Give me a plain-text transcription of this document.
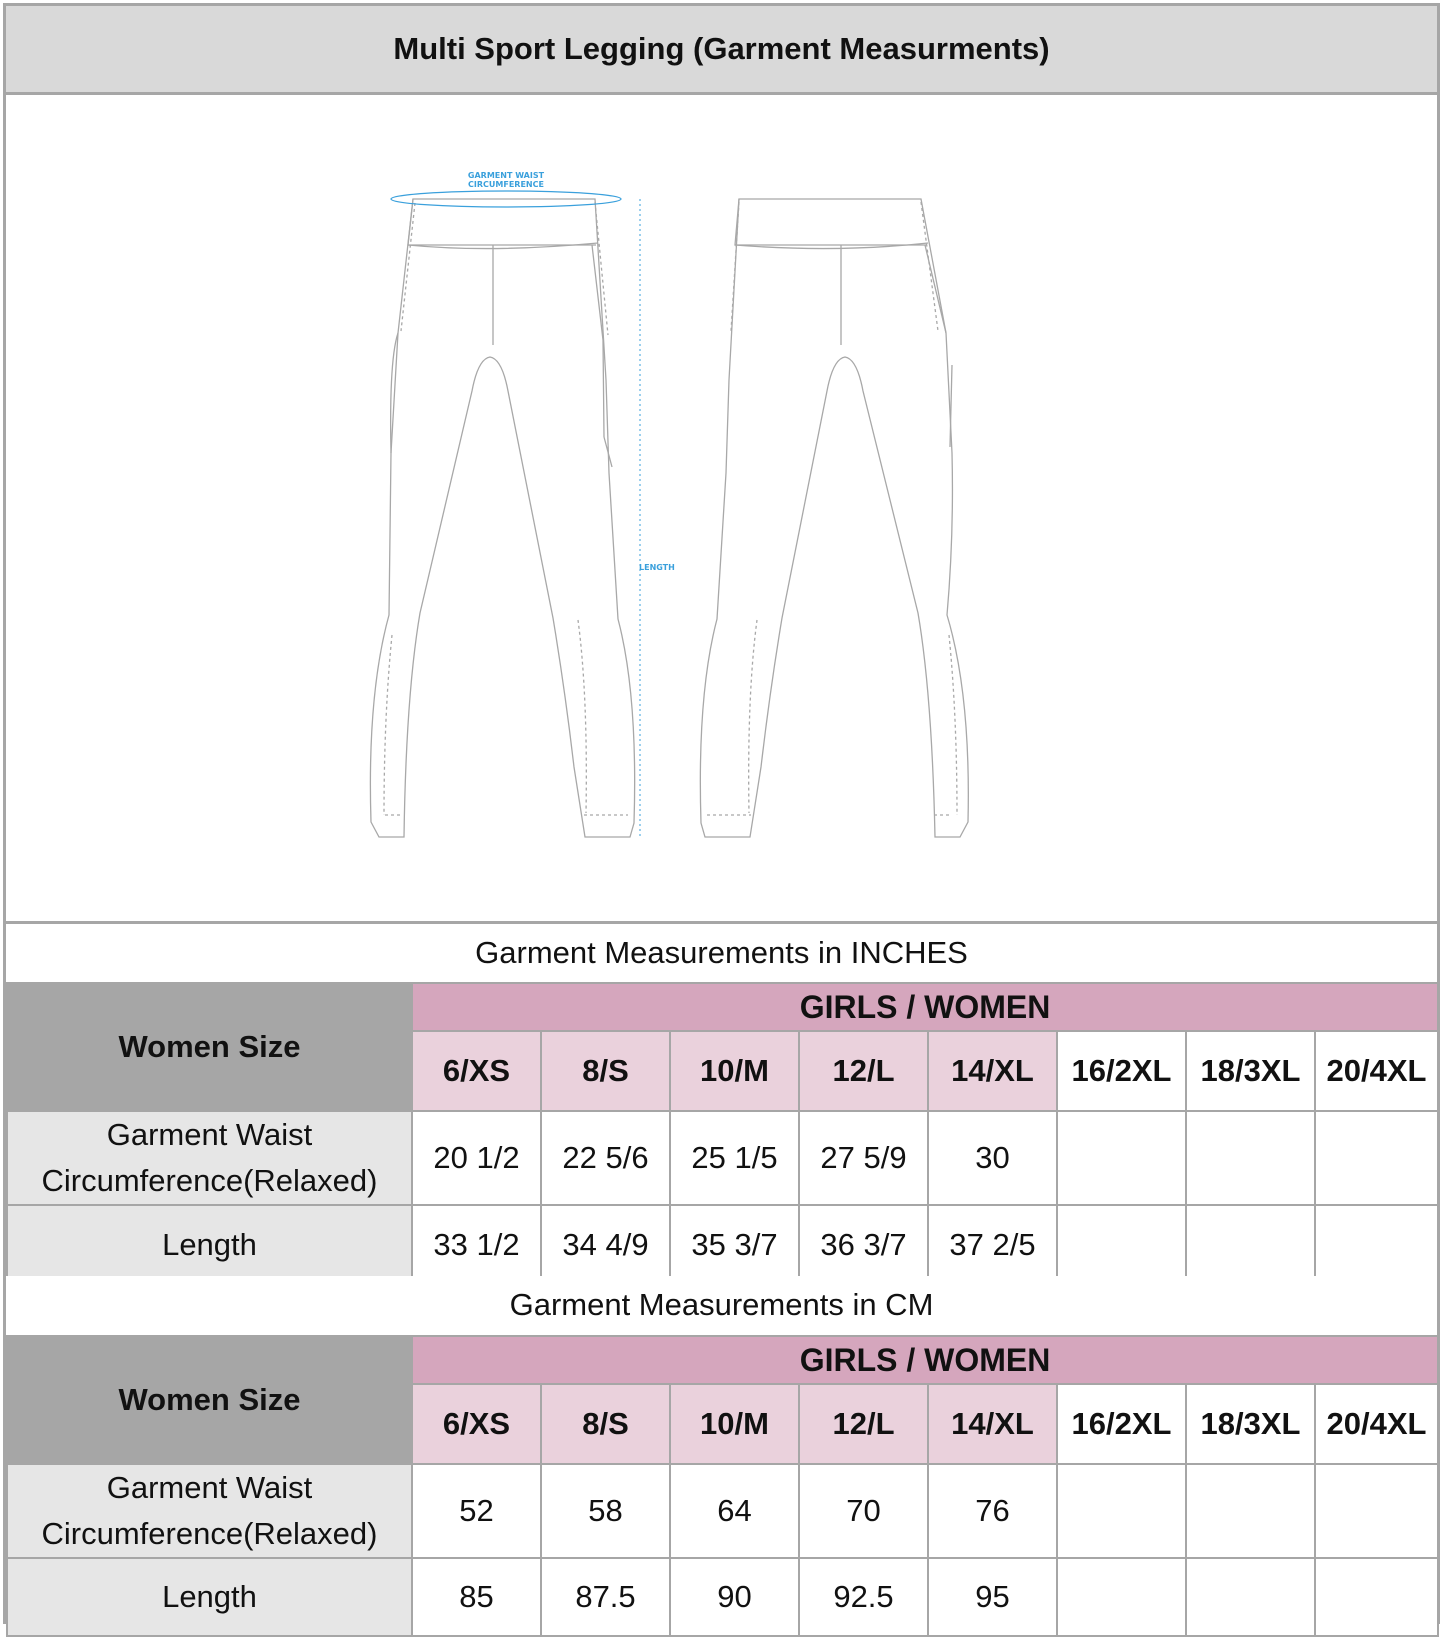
Multi Sport Legging (Garment Measurments)
GARMENT WAIST
CIRCUMFERENCE
LENGTH
Garment Measurements in INCHES
Women Size	GIRLS / WOMEN							
	6/XS	8/S	10/M	12/L	14/XL	16/2XL	18/3XL	20/4XL

Garment Waist
Circumference(Relaxed)	20 1/2	22 5/6	25 1/5	27 5/9	30			
Length	33 1/2	34 4/9	35 3/7	36 3/7	37 2/5			
Garment Measurements in CM
Women Size	GIRLS / WOMEN							
	6/XS	8/S	10/M	12/L	14/XL	16/2XL	18/3XL	20/4XL

Garment Waist
Circumference(Relaxed)	52	58	64	70	76			
Length	85	87.5	90	92.5	95			
